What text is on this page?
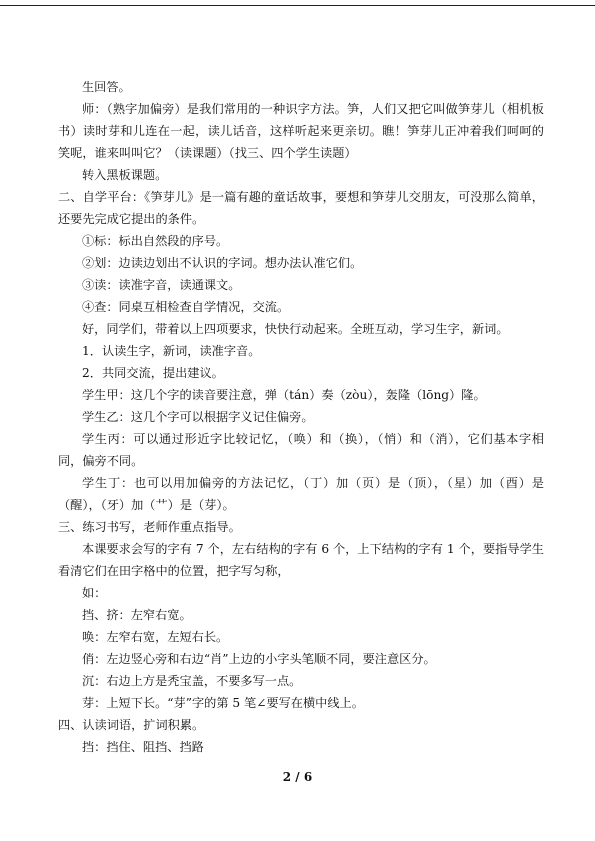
生回答。

师：（熟字加偏旁）是我们常用的一种识字方法。笋，人们又把它叫做笋芽儿（相机板书）读时芽和儿连在一起，读儿话音，这样听起来更亲切。瞧！笋芽儿正冲着我们呵呵的笑呢，谁来叫叫它？（读课题）（找三、四个学生读题）

转入黑板课题。

二、自学平台：《笋芽儿》是一篇有趣的童话故事，要想和笋芽儿交朋友，可没那么简单，还要先完成它提出的条件。

①标：标出自然段的序号。

②划：边读边划出不认识的字词。想办法认准它们。

③读：读准字音，读通课文。

④查：同桌互相检查自学情况，交流。

好，同学们，带着以上四项要求，快快行动起来。全班互动，学习生字，新词。

1．认读生字，新词，读准字音。

2．共同交流，提出建议。

学生甲：这几个字的读音要注意，弹（tán）奏（zòu），轰隆（lōng）隆。

学生乙：这几个字可以根据字义记住偏旁。

学生丙：可以通过形近字比较记忆，（唤）和（换），（悄）和（消），它们基本字相同，偏旁不同。

学生丁：也可以用加偏旁的方法记忆，（丁）加（页）是（顶），（星）加（酉）是（醒），（牙）加（艹）是（芽）。

三、练习书写，老师作重点指导。

本课要求会写的字有 7 个，左右结构的字有 6 个，上下结构的字有 1 个，要指导学生看清它们在田字格中的位置，把字写匀称，

如：

挡、挤：左窄右宽。

唤：左窄右宽，左短右长。

俏：左边竖心旁和右边“肖”上边的小字头笔顺不同，要注意区分。

沉：右边上方是秃宝盖，不要多写一点。

芽：上短下长。“芽”字的第 5 笔∠要写在横中线上。

四、认读词语，扩词积累。

挡：挡住、阻挡、挡路

2 / 6
